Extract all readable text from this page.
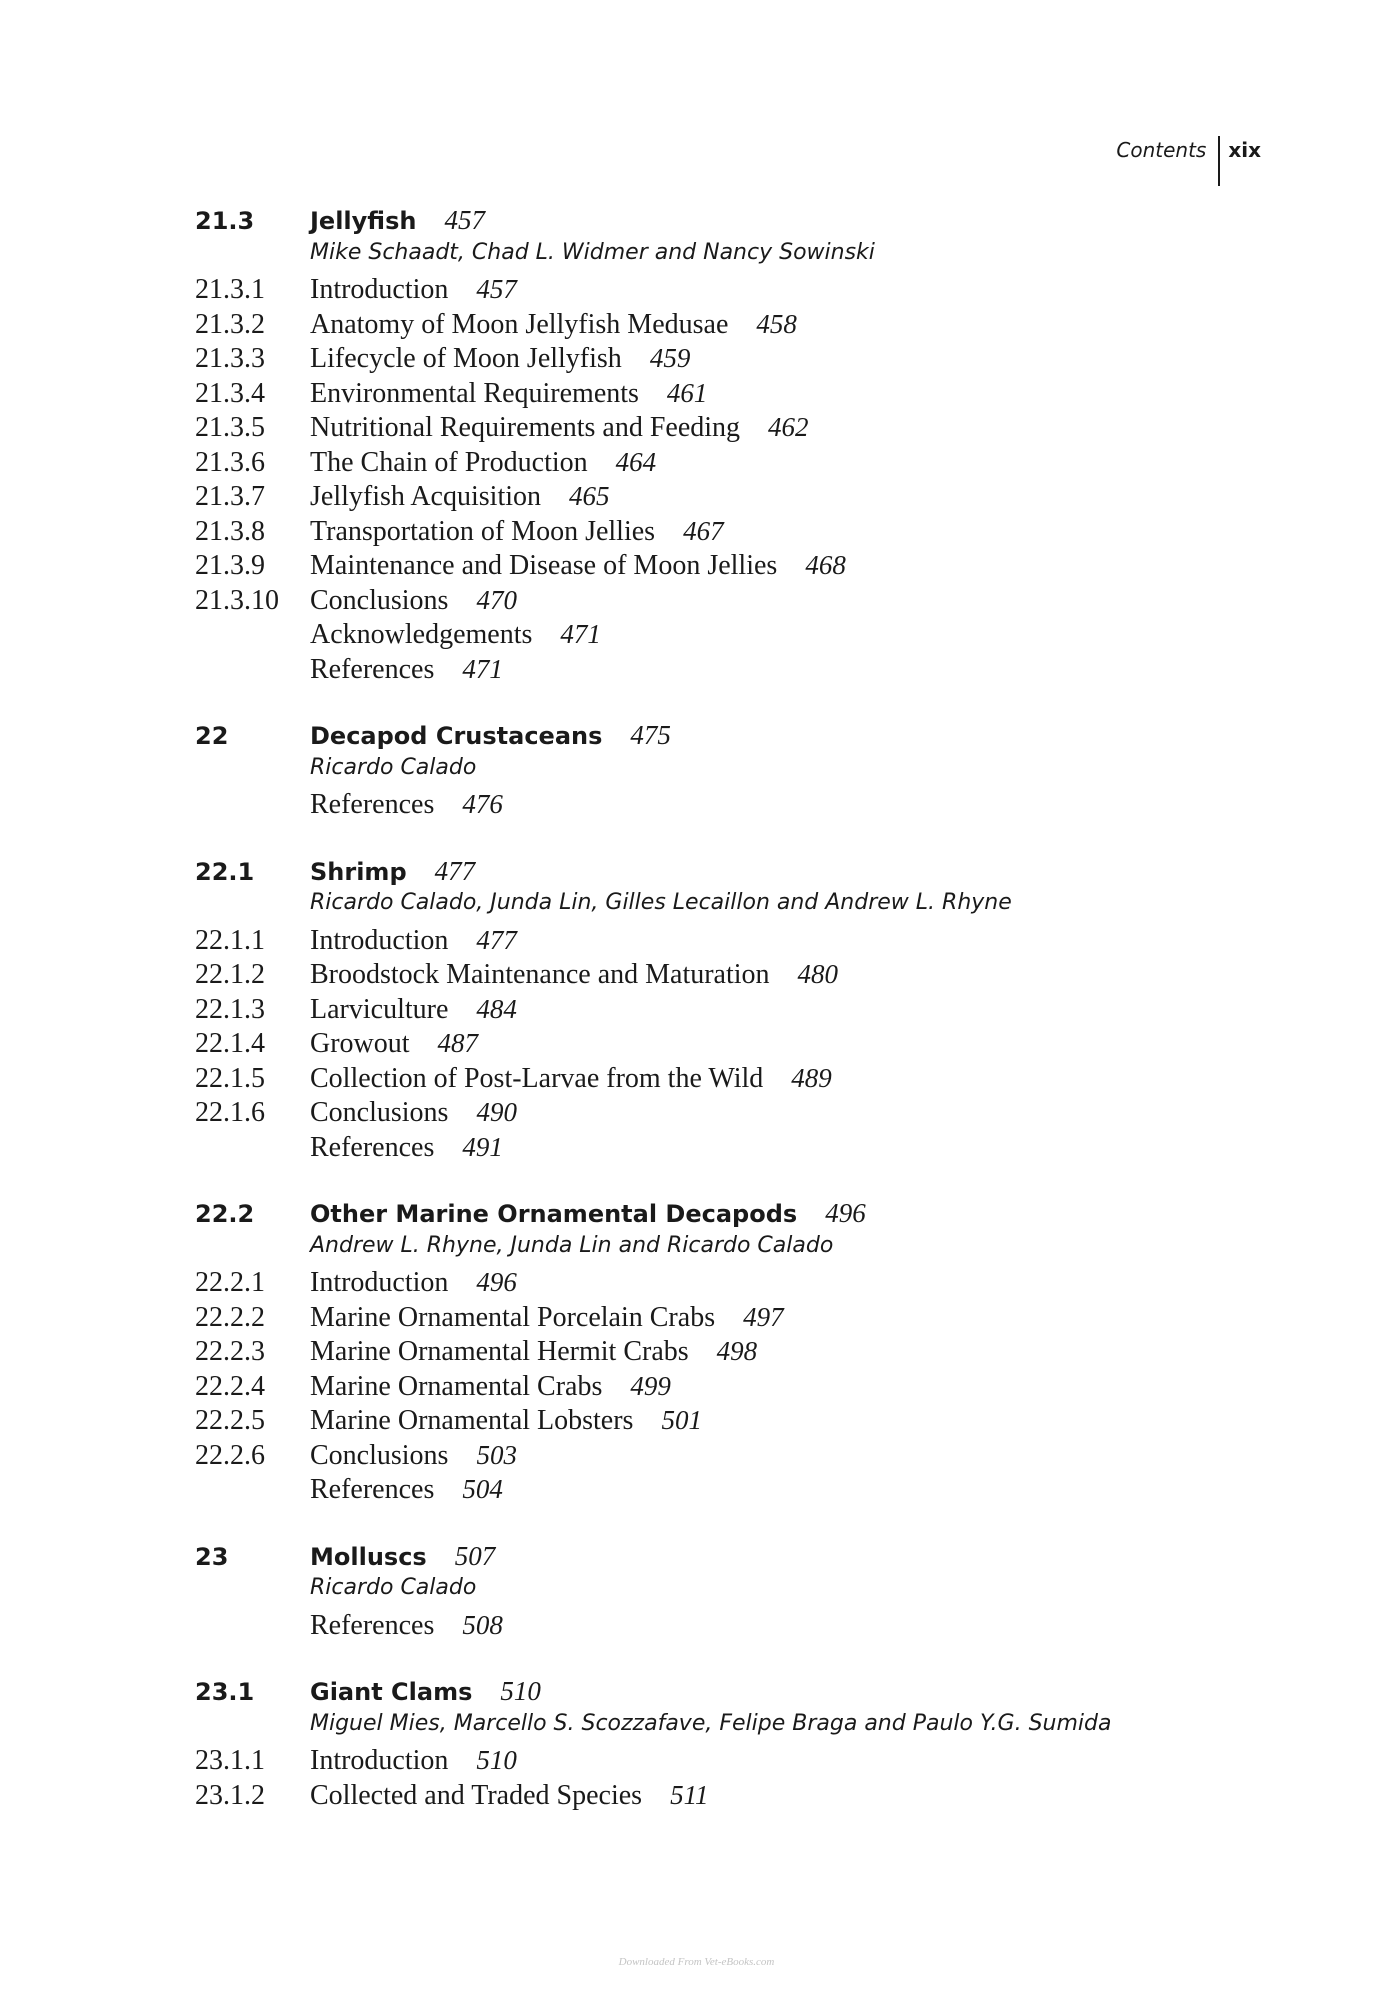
Contents xix
21.3	Jellyfish 457
Mike Schaadt, Chad L. Widmer and Nancy Sowinski
21.3.1	Introduction 457
21.3.2	Anatomy of Moon Jellyfish Medusae 458
21.3.3	Lifecycle of Moon Jellyfish 459
21.3.4	Environmental Requirements 461
21.3.5	Nutritional Requirements and Feeding 462
21.3.6	The Chain of Production 464
21.3.7	Jellyfish Acquisition 465
21.3.8	Transportation of Moon Jellies 467
21.3.9	Maintenance and Disease of Moon Jellies 468
21.3.10	Conclusions 470
Acknowledgements 471
References 471
22	Decapod Crustaceans 475
Ricardo Calado
References 476
22.1	Shrimp 477
Ricardo Calado, Junda Lin, Gilles Lecaillon and Andrew L. Rhyne
22.1.1	Introduction 477
22.1.2	Broodstock Maintenance and Maturation 480
22.1.3	Larviculture 484
22.1.4	Growout 487
22.1.5	Collection of Post-Larvae from the Wild 489
22.1.6	Conclusions 490
References 491
22.2	Other Marine Ornamental Decapods 496
Andrew L. Rhyne, Junda Lin and Ricardo Calado
22.2.1	Introduction 496
22.2.2	Marine Ornamental Porcelain Crabs 497
22.2.3	Marine Ornamental Hermit Crabs 498
22.2.4	Marine Ornamental Crabs 499
22.2.5	Marine Ornamental Lobsters 501
22.2.6	Conclusions 503
References 504
23	Molluscs 507
Ricardo Calado
References 508
23.1	Giant Clams 510
Miguel Mies, Marcello S. Scozzafave, Felipe Braga and Paulo Y.G. Sumida
23.1.1	Introduction 510
23.1.2	Collected and Traded Species 511
Downloaded From Vet-eBooks.com
